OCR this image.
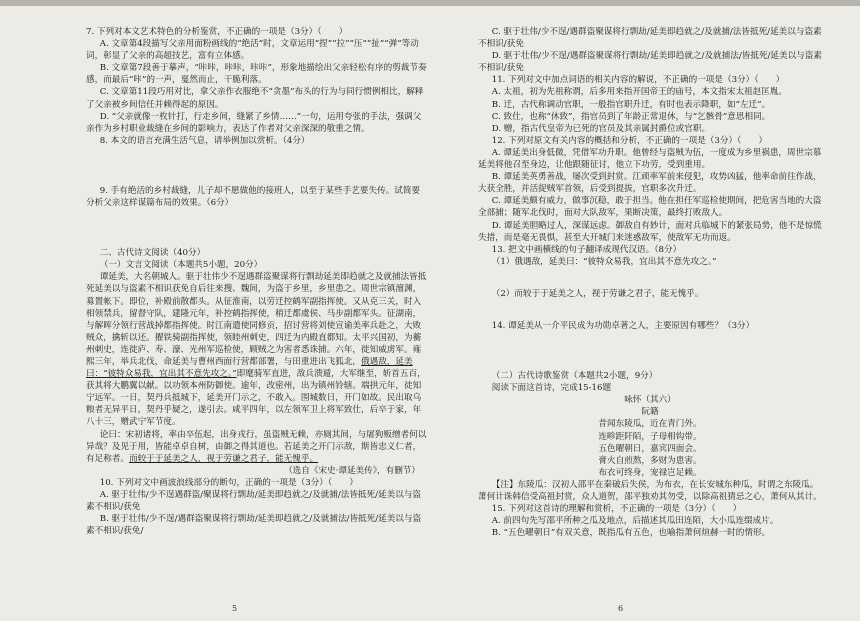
7. 下列对本文艺术特色的分析鉴赏，不正确的一项是（3分）（　　）

A. 文章第4段描写父亲用面粉画线的“绝活”时，文章运用“捏”“拉”“压”“扯”“弹”等动词，彰显了父亲的高超技艺，富有立体感。

B. 文章第7段善于摹声，“咔咔，咔咔，咔咔”，形象地描绘出父亲轻松有序的剪裁节奏感，而最后“咔”的一声，戛然而止，干脆利落。

C. 文章第11段巧用对比，拿父亲作衣服绝不“贪墨”布头的行为与同行惯例相比，解释了父亲被乡间信任并赖得起的原因。

D. “父亲就像一枚针打，行走乡间，缝紧了乡情……”一句，运用夸张的手法，强调父亲作为乡村职业裁缝在乡间的影响力，表达了作者对父亲深深的敬重之情。

8. 本文的语言充满生活气息，请举例加以赏析。（4分）

9. 手有绝活的乡村裁缝，儿子却不愿做他的接班人，以至于某些手艺要失传。试简要分析父亲这样谋篇布局的效果。（6分）

二、古代诗文阅读（40分）

（一）文言文阅读（本题共5小题，20分）

谭延美，大名朝城人。驱于壮伟少不逞遇群盗聚谋将行剽劫延美即趋就之及就捕法皆抵死延美以与盗素不相识获免自后往来搜、魏间，为盗于乡里，乡里患之。周世宗镇澶渊，募置帐下。即位，补殿前散都头。从征淮南，以劳迁控鹤军副指挥使。又从克三关，时入相领禁兵，留督守队，建隆元年，补控鹤指挥使，稍迁都虞侯、马步副都军头。征湖南，与解晖分领行营战掉都指挥使。时江南遣使同修贡，招讨营将刘使宣谕美率兵赴之，大败贼众，擒斩以还。擢铁骑副指挥使，领睦州刺史，四迁为内殿直都知。太平兴国初，为蘅州刺史，连徙庐、寿、濠、光州军巡检使，顾贼之为害者悉诛捕。六年，徙知威虏军。雍熙三年，举兵北伐，命延美与曹州西面行营都部署，与田重进出飞狐北，俄遇敌，延美曰：“彼特众易我，宜出其不意先攻之。”即麾骑军直进，敌兵溃遁，大军继至，斩首五百，获其将大鹏翼以献。以功领本州防御使。逾年，改密州，出为镇州铃辖。端拱元年，徒知宁远军。一日，契丹兵抵城下，延美开门示之，不敢入。围城数日，开门如故。民出取乌粮者无异平日，契丹乎疑之，遂引去。咸平四年，以左领军卫上将军致仕，后卒于家，年八十三，赠武宁军节度。

论曰：宋初诸将，率由卒伍起，出身戎行，虽盗贼无赖，亦厕其间，与屠狗贩缯者何以异哉？及见于用，皆能卓卓自树，由御之得其道也。若延美之开门示敌，斯皆忠义仁者，有足称者。而较于于延美之人，视于劳谦之君子，能无愧乎。

（选自《宋史·谭延美传》，有删节）

10. 下列对文中画波浪线部分的断句，正确的一项是（3分）（　　）

A. 驱于壮伟/少不逞遇群盗/聚谋将行剽劫/延美即趋就之/及就捕/法皆抵死/延美以与盗素不相识/获免

B. 驱于壮伟/少不逞/遇群盗聚谋将行剽劫/延美即趋就之/及就捕法/皆抵死/延美以与盗素不相识/获免/

5

C. 驱于壮伟/少不逞/遇群盗聚谋将行剽劫/延美即趋就之/及就捕/法皆抵死/延美以与盗素不相识/获免

D. 驱于壮伟/少不逞/遇群盗聚谋将行剽劫/延美即趋就之/及就捕法/皆抵死/延美以与盗素不相识/获免

11. 下列对文中加点词语的相关内容的解说，不正确的一项是（3分）（　　）

A. 太祖，初为先祖称谓，后多用来指开国帝王的庙号，本文指宋太祖赵匡胤。

B. 迁，古代称调动官职，一般指官职升迁，有时也表示降职，如“左迁”。

C. 致仕，也称“休致”，指官员到了年龄正常退休，与“乞骸骨”意思相同。

D. 赠，指古代皇帝为已死的官员及其亲属封爵位或官职。

12. 下列对原文有关内容的概括和分析，不正确的一项是（3分）（　　）

A. 谭延美出身低微，凭借军功升职。他曾经与盗贼为伍，一度成为乡里祸患，周世宗慕延美将他召至身边，让他跟随征讨，他立下功劳，受到重用。

B. 谭延美英勇善战，屡次受到封赏。江顽率军前来侵犯，攻势凶猛，他率命前往作战，大获全胜，并活捉贼军首领，后受到提拔，官职多次升迁。

C. 谭延美颇有威力，做事沉稳，敢于担当。他在担任军巡检使期间，把危害当地的大盗全部捕；随军北伐时，面对大队敌军，果断决策，最终打败敌人。

D. 谭延美胆略过人，深谋远虑。御敌自有妙计，面对兵临城下的紧张局势，他不是惊慌失措，而是毫无畏惧，甚至大开城门来迷惑敌军，使敌军无功而返。

13. 把文中画横线的句子翻译成现代汉语。（8分）

（1）俄遇敌，延美曰：“彼特众易我，宜出其不意先攻之。”

（2）而较于于延美之人，视于劳谦之君子，能无愧乎。

14. 谭延美从一介平民成为功勋卓著之人，主要原因有哪些？（3分）

（二）古代诗歌鉴赏（本题共2小题，9分）

阅读下面这首诗，完成15-16题

咏怀（其六）

阮籍

昔闻东陵瓜，近在青门外。

连畛距阡陌，子母相钩带。

五色曜朝日，嘉宾四面会。

膏火自煎熬，多财为患害。

布衣可终身，宠禄岂足赖。

【注】东陵瓜：汉初人邵平在秦破后失侯，为布衣，在长安城东种瓜，时谓之东陵瓜。萧何计诛韩信受高祖封赏，众人道贺，邵平独劝其勿受，以除高祖猜忌之心，萧何从其计。

15. 下列对这首诗的理解和赏析，不正确的一项是（3分）（　　）

A. 前四句先写邵平所种之瓜及地点，后描述其瓜田连陌，大小瓜连缀成片。

B. “五色曜朝日”有双关意，既指瓜有五色，也喻指萧何煊赫一时的情形。

6
